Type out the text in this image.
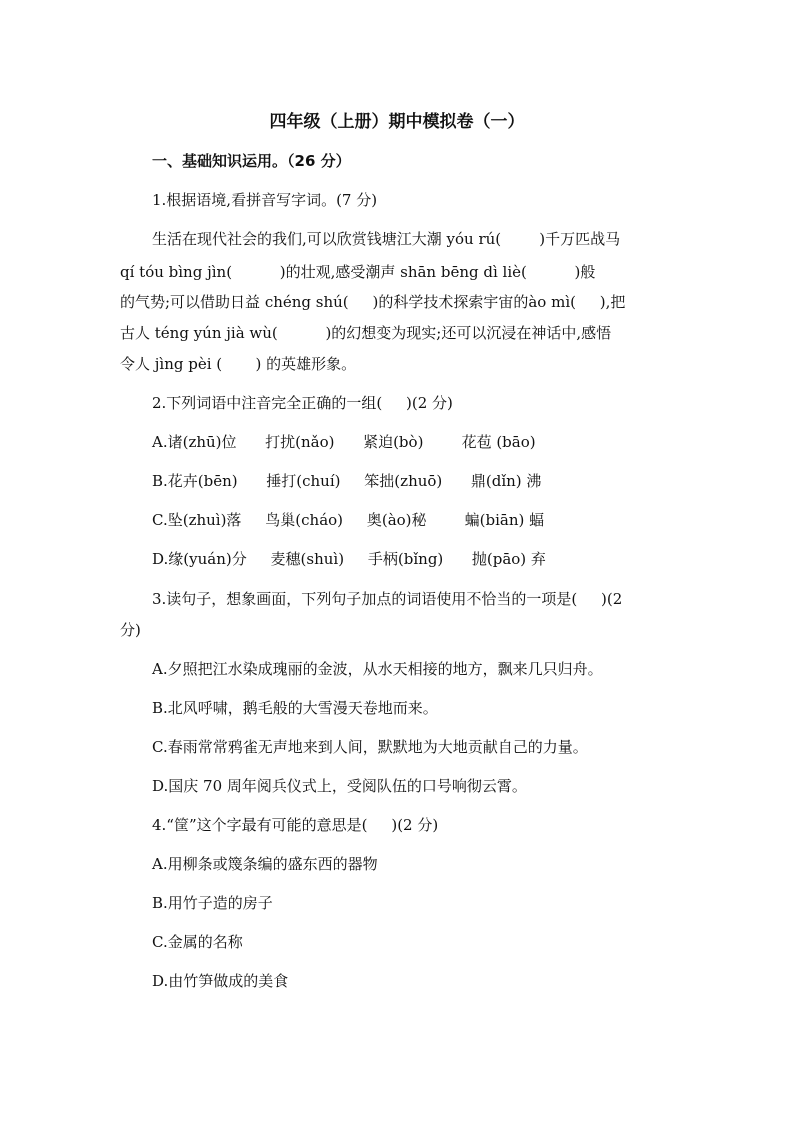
四年级（上册）期中模拟卷（一）
一、基础知识运用。（26 分）
1.根据语境,看拼音写字词。(7 分)
生活在现代社会的我们,可以欣赏钱塘江大潮 yóu rú(        )千万匹战马
qí tóu bìng jìn(          )的壮观,感受潮声 shān bēng dì liè(          )般
的气势;可以借助日益 chéng shú(     )的科学技术探索宇宙的ào mì(     ),把
古人 téng yún jià wù(          )的幻想变为现实;还可以沉浸在神话中,感悟
令人 jìng pèi (       ) 的英雄形象。
2.下列词语中注音完全正确的一组(     )(2 分)
A.诸(zhū)位      打扰(nǎo)      紧迫(bò)        花苞 (bāo)
B.花卉(bēn)      捶打(chuí)     笨拙(zhuō)      鼎(dǐn) 沸
C.坠(zhuì)落     鸟巢(cháo)     奥(ào)秘        蝙(biān) 蝠
D.缘(yuán)分     麦穗(shuì)     手柄(bǐng)      抛(pāo) 弃
3.读句子，想象画面，下列句子加点的词语使用不恰当的一项是(     )(2
分)
A.夕照把江水染成瑰丽的金波，从水天相接的地方，飘来几只归舟。
B.北风呼啸，鹅毛般的大雪漫天卷地而来。
C.春雨常常鸦雀无声地来到人间，默默地为大地贡献自己的力量。
D.国庆 70 周年阅兵仪式上，受阅队伍的口号响彻云霄。
4.“筐”这个字最有可能的意思是(     )(2 分)
A.用柳条或篾条编的盛东西的器物
B.用竹子造的房子
C.金属的名称
D.由竹笋做成的美食
